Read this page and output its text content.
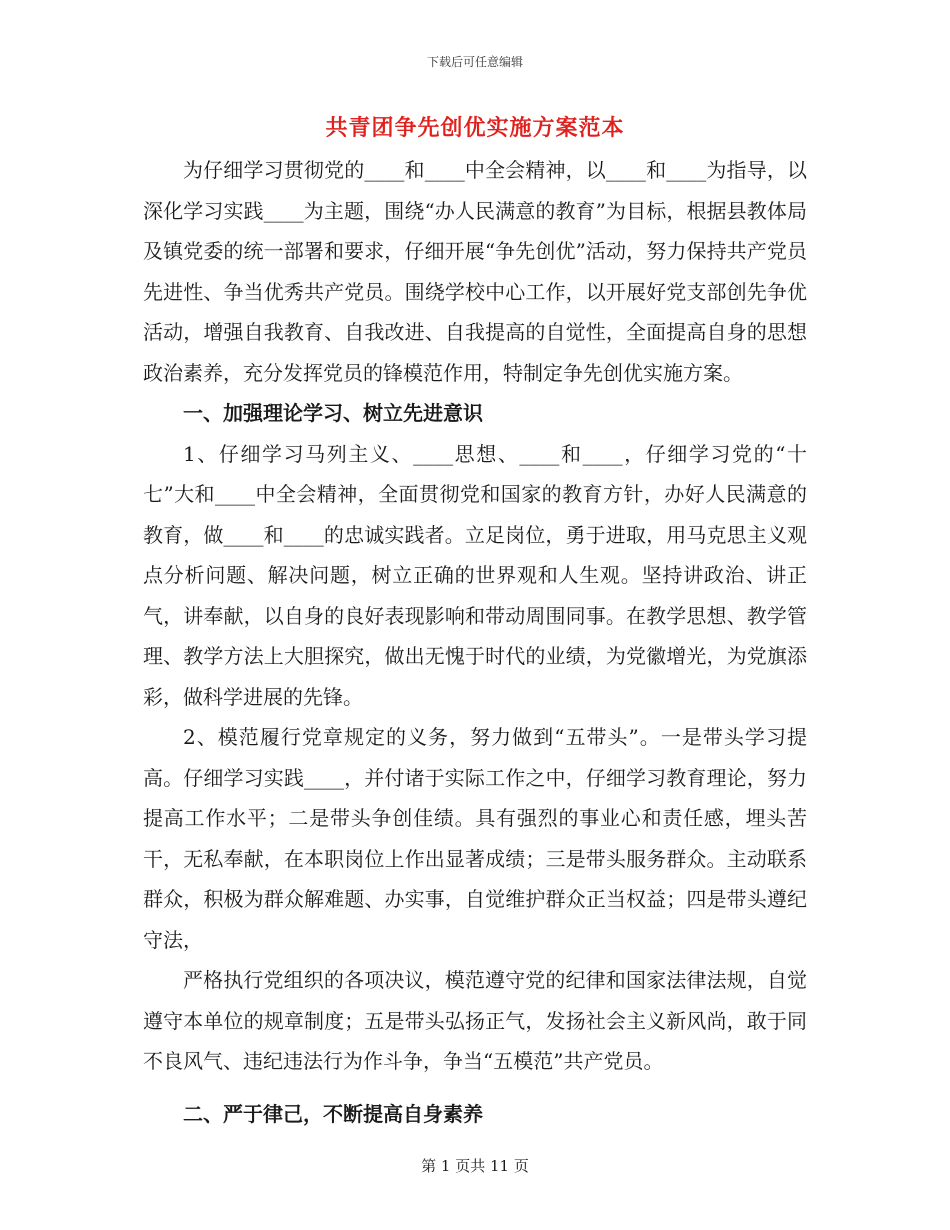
下载后可任意编辑
共青团争先创优实施方案范本

为仔细学习贯彻党的____和____中全会精神，以____和____为指导，以深化学习实践____为主题，围绕“办人民满意的教育”为目标，根据县教体局及镇党委的统一部署和要求，仔细开展“争先创优”活动，努力保持共产党员先进性、争当优秀共产党员。围绕学校中心工作，以开展好党支部创先争优活动，增强自我教育、自我改进、自我提高的自觉性，全面提高自身的思想政治素养，充分发挥党员的锋模范作用，特制定争先创优实施方案。

一、加强理论学习、树立先进意识

1、仔细学习马列主义、____思想、____和____，仔细学习党的“十七”大和____中全会精神，全面贯彻党和国家的教育方针，办好人民满意的教育，做____和____的忠诚实践者。立足岗位，勇于进取，用马克思主义观点分析问题、解决问题，树立正确的世界观和人生观。坚持讲政治、讲正气，讲奉献，以自身的良好表现影响和带动周围同事。在教学思想、教学管理、教学方法上大胆探究，做出无愧于时代的业绩，为党徽增光，为党旗添彩，做科学进展的先锋。

2、模范履行党章规定的义务，努力做到“五带头”。一是带头学习提高。仔细学习实践____，并付诸于实际工作之中，仔细学习教育理论，努力提高工作水平；二是带头争创佳绩。具有强烈的事业心和责任感，埋头苦干，无私奉献，在本职岗位上作出显著成绩；三是带头服务群众。主动联系群众，积极为群众解难题、办实事，自觉维护群众正当权益；四是带头遵纪守法，

严格执行党组织的各项决议，模范遵守党的纪律和国家法律法规，自觉遵守本单位的规章制度；五是带头弘扬正气，发扬社会主义新风尚，敢于同不良风气、违纪违法行为作斗争，争当“五模范”共产党员。

二、严于律己，不断提高自身素养

第 1 页共 11 页
